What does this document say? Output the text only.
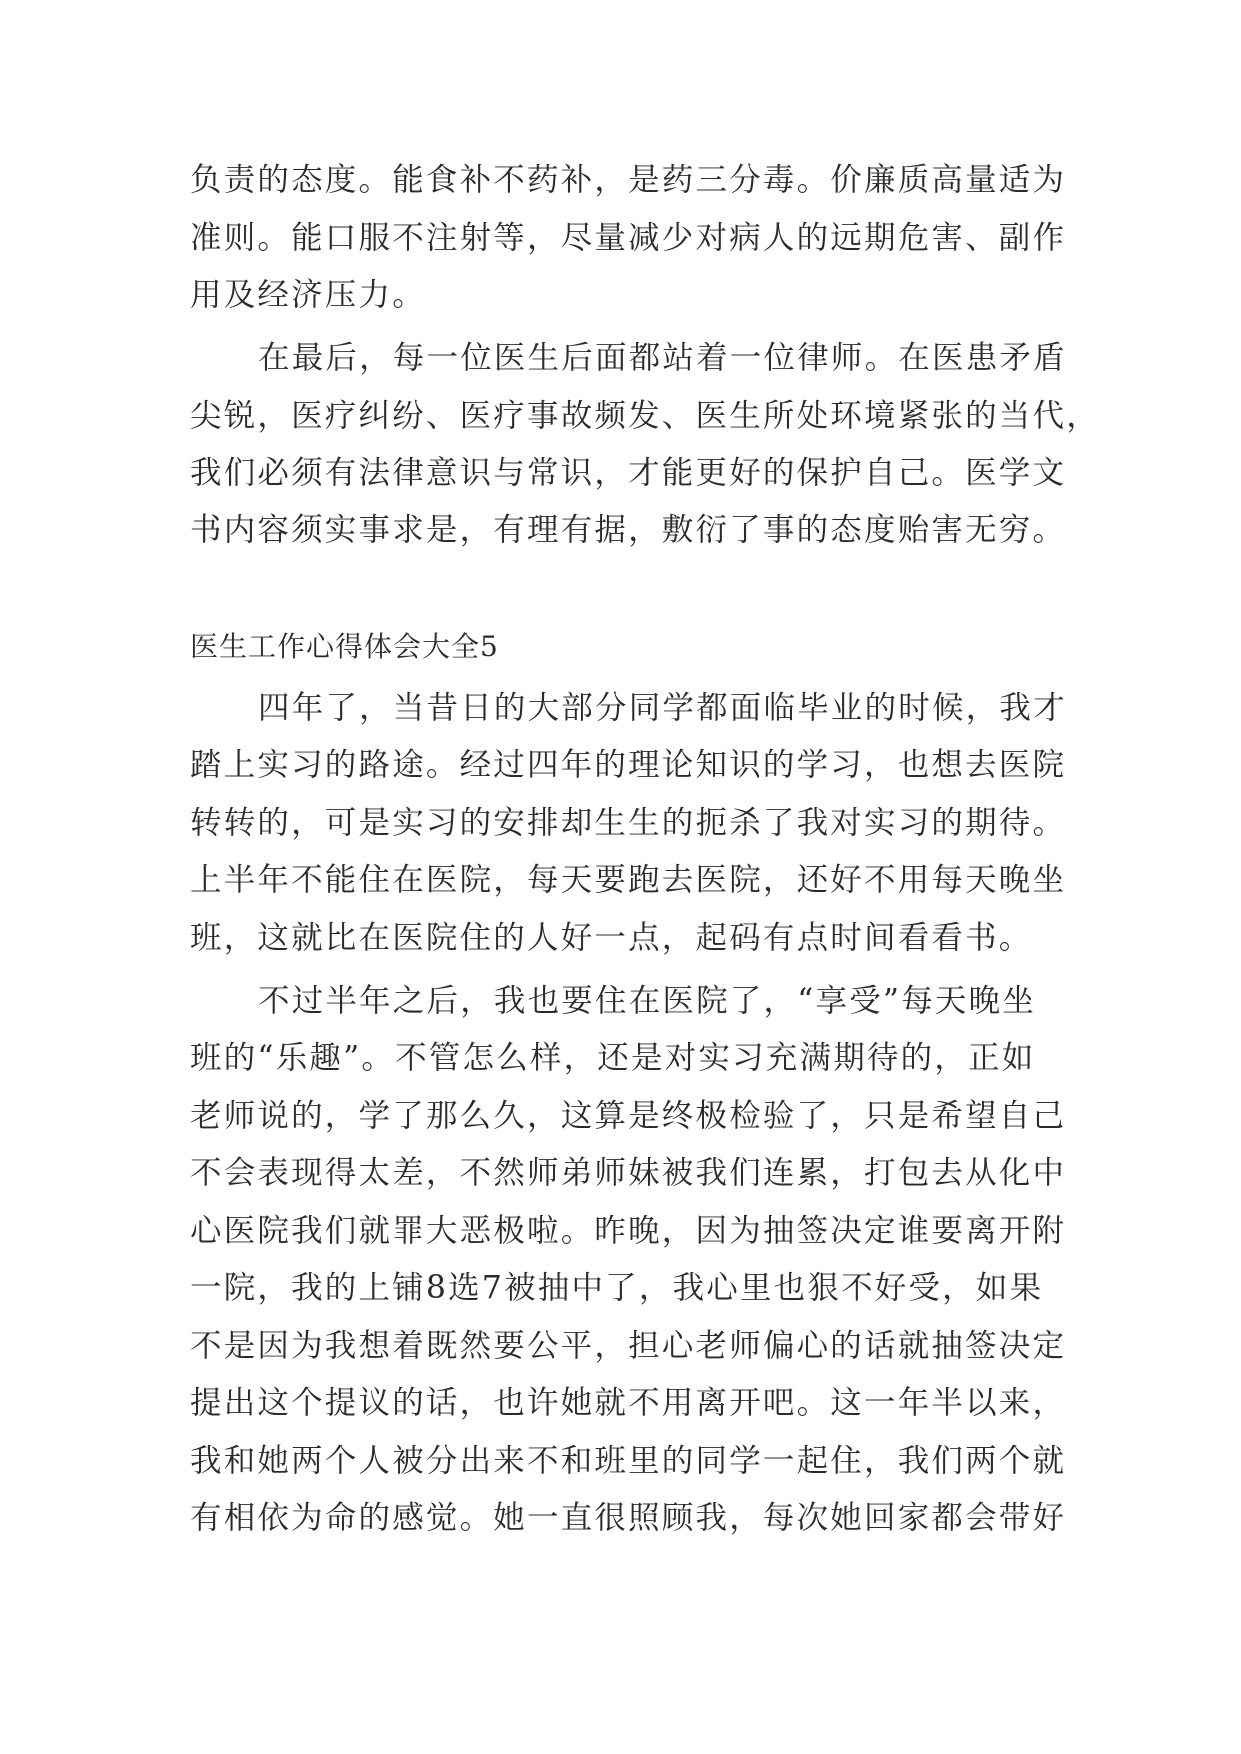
负责的态度。能食补不药补，是药三分毒。价廉质高量适为
准则。能口服不注射等，尽量减少对病人的远期危害、副作
用及经济压力。
在最后，每一位医生后面都站着一位律师。在医患矛盾
尖锐，医疗纠纷、医疗事故频发、医生所处环境紧张的当代，
我们必须有法律意识与常识，才能更好的保护自己。医学文
书内容须实事求是，有理有据，敷衍了事的态度贻害无穷。
医生工作心得体会大全5
四年了，当昔日的大部分同学都面临毕业的时候，我才
踏上实习的路途。经过四年的理论知识的学习，也想去医院
转转的，可是实习的安排却生生的扼杀了我对实习的期待。
上半年不能住在医院，每天要跑去医院，还好不用每天晚坐
班，这就比在医院住的人好一点，起码有点时间看看书。
不过半年之后，我也要住在医院了，“享受”每天晚坐
班的“乐趣”。不管怎么样，还是对实习充满期待的，正如
老师说的，学了那么久，这算是终极检验了，只是希望自己
不会表现得太差，不然师弟师妹被我们连累，打包去从化中
心医院我们就罪大恶极啦。昨晚，因为抽签决定谁要离开附
一院，我的上铺8选7被抽中了，我心里也狠不好受，如果
不是因为我想着既然要公平，担心老师偏心的话就抽签决定
提出这个提议的话，也许她就不用离开吧。这一年半以来，
我和她两个人被分出来不和班里的同学一起住，我们两个就
有相依为命的感觉。她一直很照顾我，每次她回家都会带好
